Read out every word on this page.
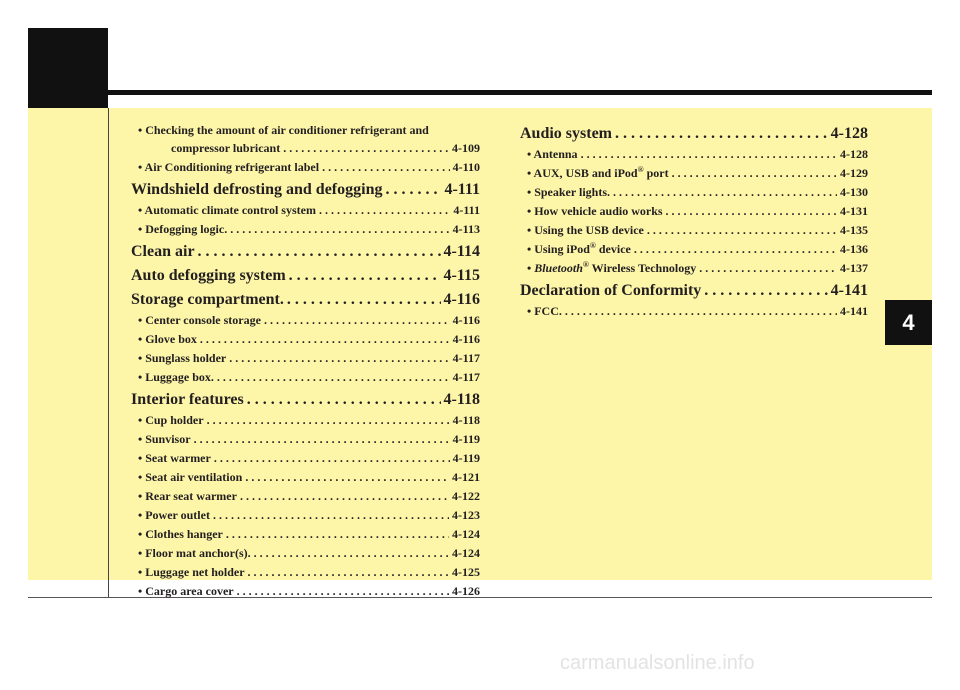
4
• Checking the amount of air conditioner refrigerant and
compressor lubricant . . .	4-109
• Air Conditioning refrigerant label . . .	4-110
Windshield defrosting and defogging . . .	4-111
• Automatic climate control system . . .	4-111
• Defogging logic. . . .	4-113
Clean air . . .	4-114
Auto defogging system . . .	4-115
Storage compartment. . . .	4-116
• Center console storage . . .	4-116
• Glove box . . .	4-116
• Sunglass holder . . .	4-117
• Luggage box. . . .	4-117
Interior features . . .	4-118
• Cup holder . . .	4-118
• Sunvisor . . .	4-119
• Seat warmer . . .	4-119
• Seat air ventilation . . .	4-121
• Rear seat warmer . . .	4-122
• Power outlet . . .	4-123
• Clothes hanger . . .	4-124
• Floor mat anchor(s). . . .	4-124
• Luggage net holder . . .	4-125
• Cargo area cover . . .	4-126
Audio system . . .	4-128
• Antenna . . .	4-128
• AUX, USB and iPod® port . . .	4-129
• Speaker lights. . . .	4-130
• How vehicle audio works . . .	4-131
• Using the USB device . . .	4-135
• Using iPod® device . . .	4-136
• Bluetooth® Wireless Technology . . .	4-137
Declaration of Conformity . . .	4-141
• FCC. . . .	4-141
carmanualsonline.info
